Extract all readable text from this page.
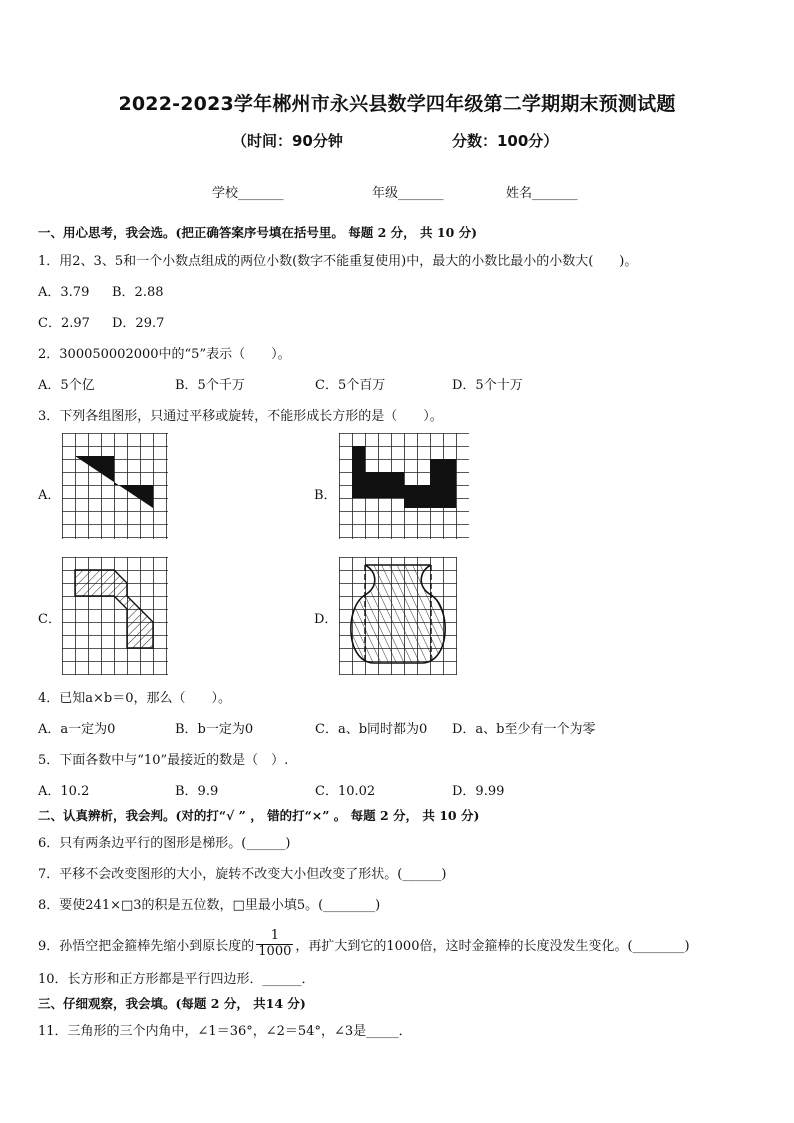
2022-2023学年郴州市永兴县数学四年级第二学期期末预测试题
（时间：90分钟	分数：100分）
学校_______	年级_______	姓名_______
一、用心思考，我会选。(把正确答案序号填在括号里。 每题 2 分， 共 10 分)
1．用2、3、5和一个小数点组成的两位小数(数字不能重复使用)中，最大的小数比最小的小数大(　　)。
A．3.79 B．2.88
C．2.97 D．29.7
2．300050002000中的“5”表示（　　）。
A．5个亿	B．5个千万	C．5个百万	D．5个十万
3．下列各组图形，只通过平移或旋转，不能形成长方形的是（　　）。
A．	B．
C．	D．
4．已知a×b＝0，那么（　　）。
A．a一定为0	B．b一定为0	C．a、b同时都为0 D．a、b至少有一个为零
5．下面各数中与“10”最接近的数是（　）.
A．10.2	B．9.9	C．10.02	D．9.99
二、认真辨析，我会判。(对的打“√ ” ， 错的打“×” 。 每题 2 分， 共 10 分)
6．只有两条边平行的图形是梯形。(______)
7．平移不会改变图形的大小，旋转不改变大小但改变了形状。(______)
8．要使241×□3的积是五位数，□里最小填5。(________)
9．孙悟空把金箍棒先缩小到原长度的 $\frac{1}{1000}$ ，再扩大到它的1000倍，这时金箍棒的长度没发生变化。(________)
10．长方形和正方形都是平行四边形．______．
三、仔细观察，我会填。(每题 2 分， 共14 分)
11．三角形的三个内角中，∠1＝36°，∠2＝54°，∠3是_____．
